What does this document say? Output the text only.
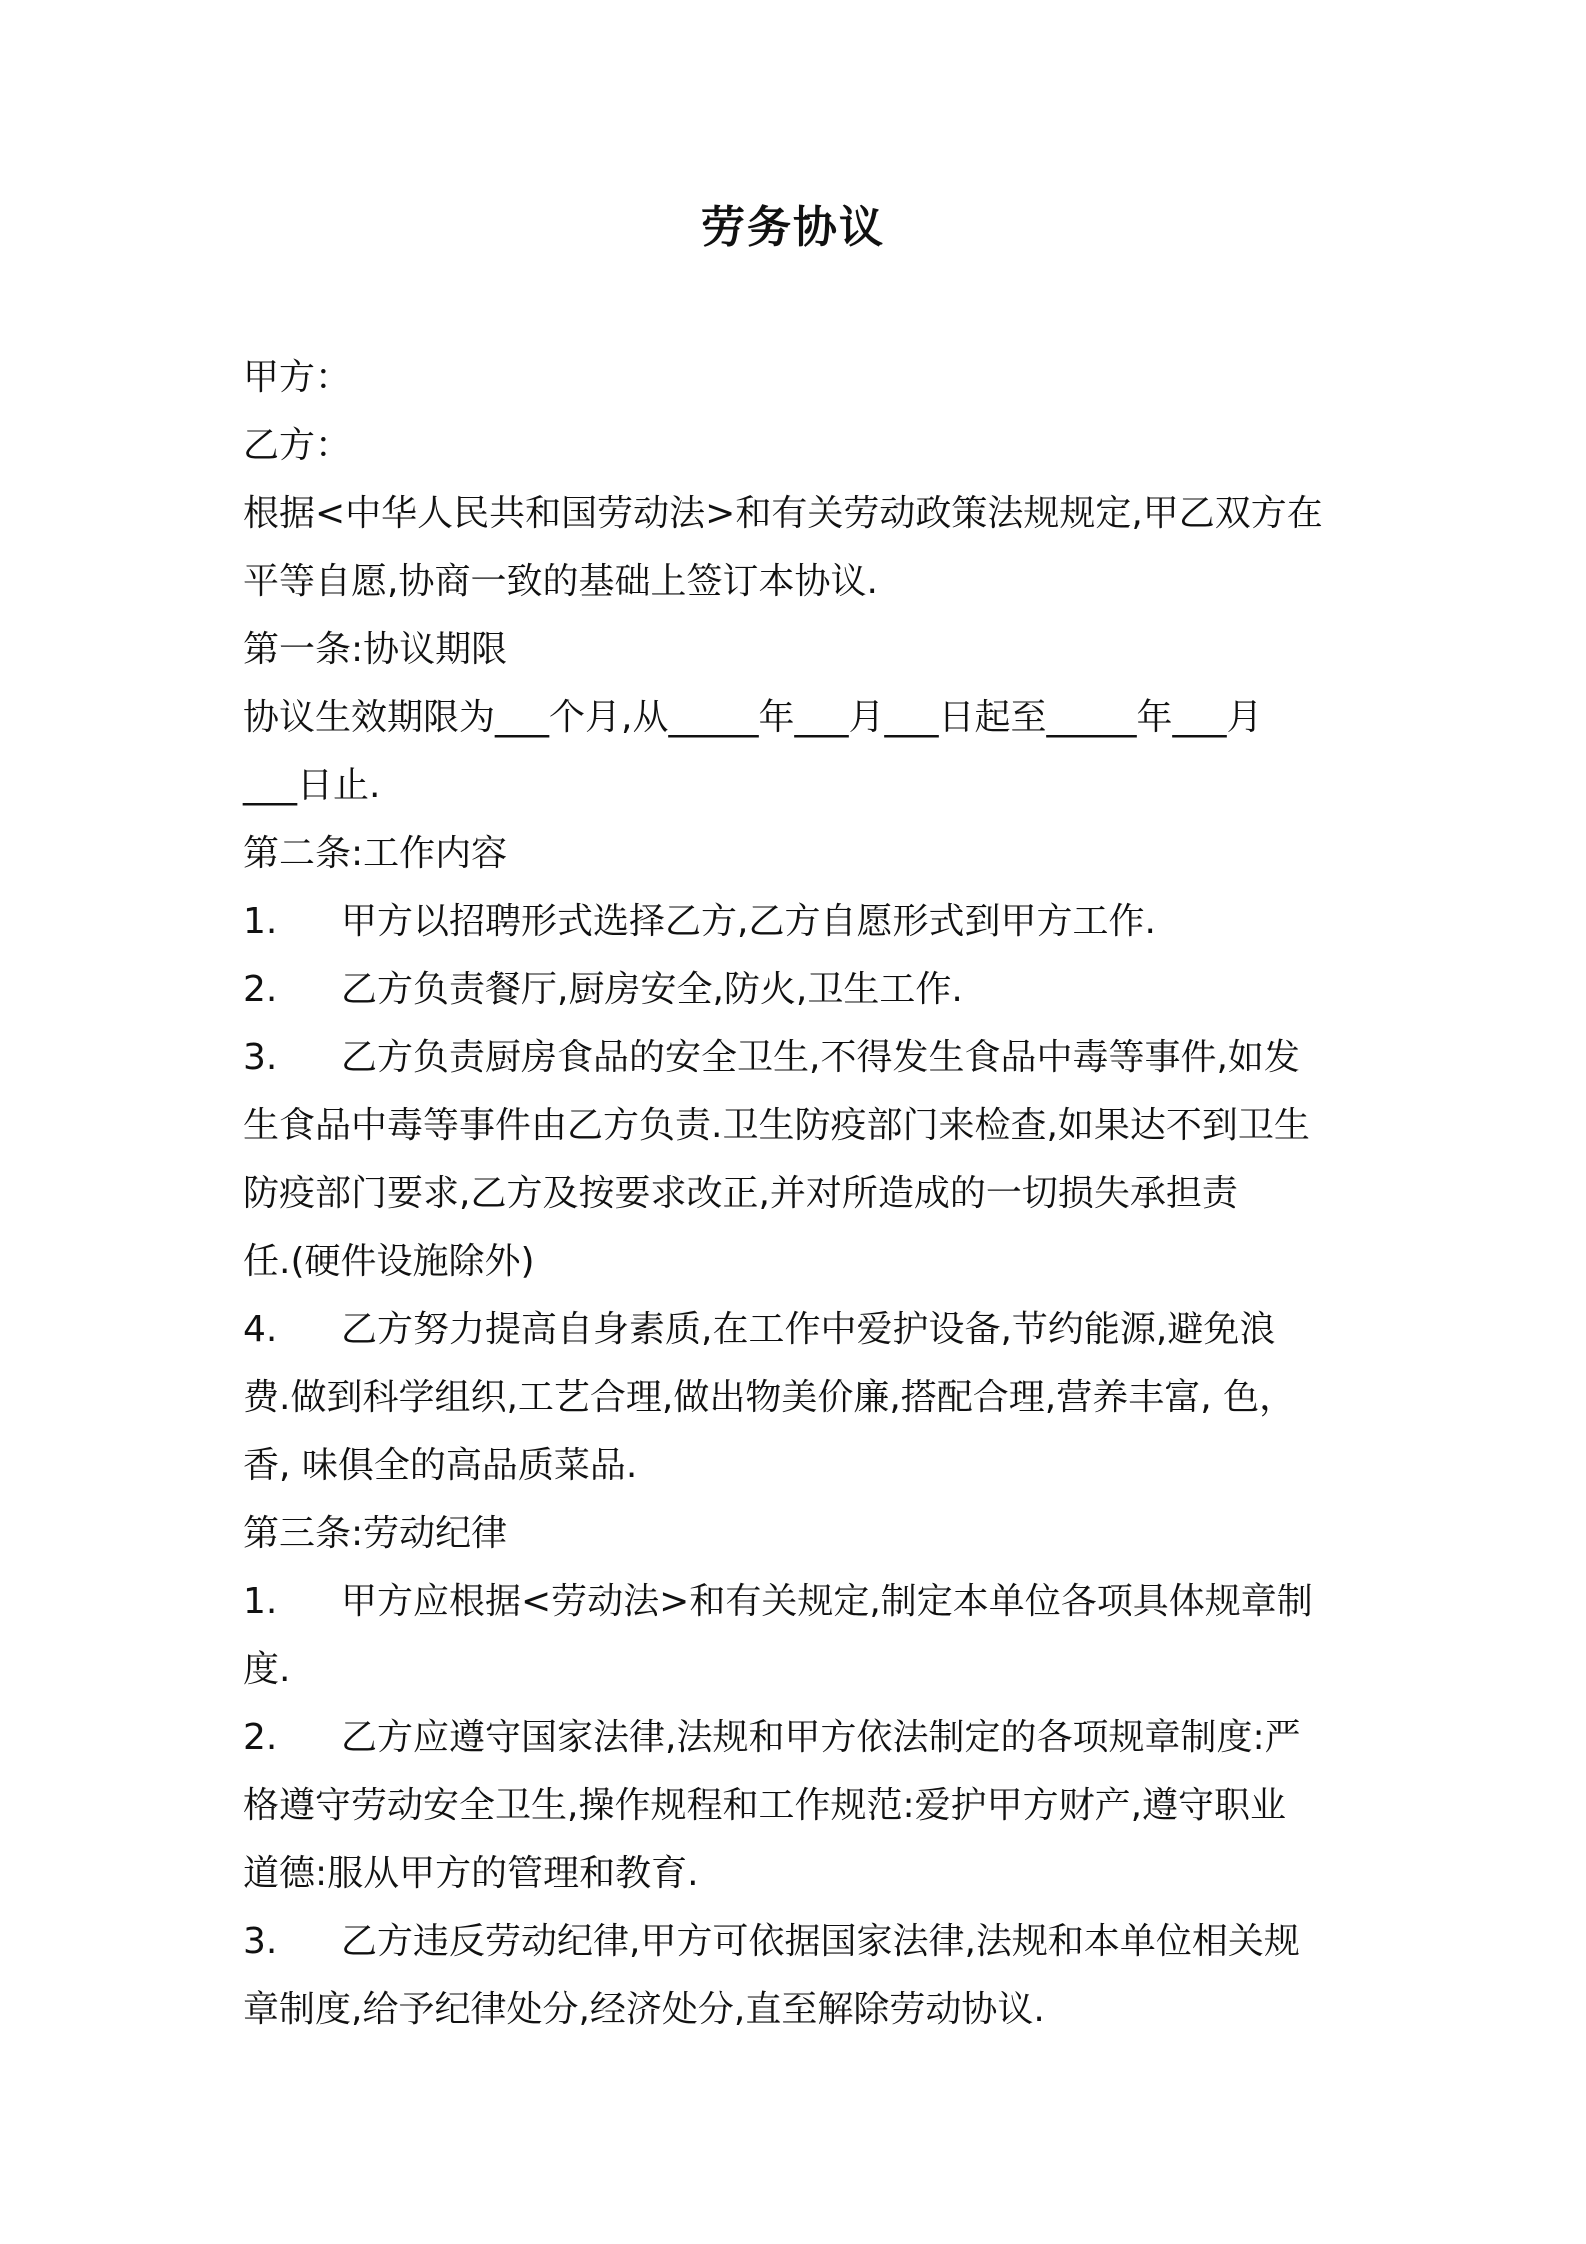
劳务协议
甲方：
乙方：
根据<中华人民共和国劳动法>和有关劳动政策法规规定,甲乙双方在
平等自愿,协商一致的基础上签订本协议.
第一条:协议期限
协议生效期限为___个月,从_____年___月___日起至_____年___月
___日止.
第二条:工作内容
1. 甲方以招聘形式选择乙方,乙方自愿形式到甲方工作.
2. 乙方负责餐厅,厨房安全,防火,卫生工作.
3. 乙方负责厨房食品的安全卫生,不得发生食品中毒等事件,如发
生食品中毒等事件由乙方负责.卫生防疫部门来检查,如果达不到卫生
防疫部门要求,乙方及按要求改正,并对所造成的一切损失承担责
任.(硬件设施除外)
4. 乙方努力提高自身素质,在工作中爱护设备,节约能源,避免浪
费.做到科学组织,工艺合理,做出物美价廉,搭配合理,营养丰富, 色，
香, 味俱全的高品质菜品.
第三条:劳动纪律
1. 甲方应根据<劳动法>和有关规定,制定本单位各项具体规章制
度.
2. 乙方应遵守国家法律,法规和甲方依法制定的各项规章制度:严
格遵守劳动安全卫生,操作规程和工作规范:爱护甲方财产,遵守职业
道德:服从甲方的管理和教育.
3. 乙方违反劳动纪律,甲方可依据国家法律,法规和本单位相关规
章制度,给予纪律处分,经济处分,直至解除劳动协议.
